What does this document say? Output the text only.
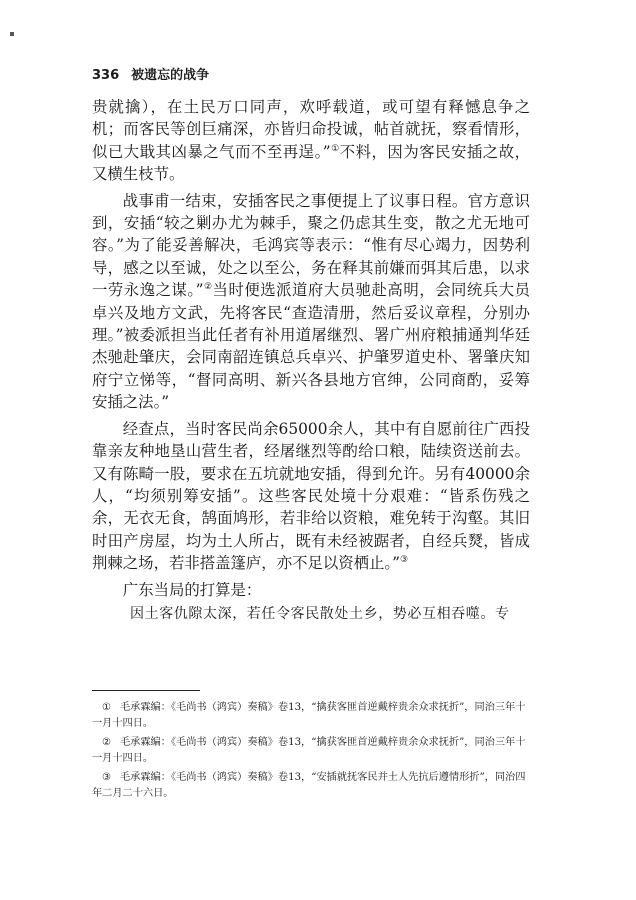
336 被遗忘的战争

贵就擒），在土民万口同声，欢呼载道，或可望有释憾息争之机；而客民等创巨痛深，亦皆归命投诚，帖首就抚，察看情形，似已大戢其凶暴之气而不至再逞。”①不料，因为客民安插之故，又横生枝节。

战事甫一结束，安插客民之事便提上了议事日程。官方意识到，安插“较之剿办尤为棘手，聚之仍虑其生变，散之尤无地可容。”为了能妥善解决，毛鸿宾等表示：“惟有尽心竭力，因势利导，感之以至诚，处之以至公，务在释其前嫌而弭其后患，以求一劳永逸之谋。”②当时便选派道府大员驰赴高明，会同统兵大员卓兴及地方文武，先将客民“查造清册，然后妥议章程，分别办理。”被委派担当此任者有补用道屠继烈、署广州府粮捕通判华廷杰驰赴肇庆，会同南韶连镇总兵卓兴、护肇罗道史朴、署肇庆知府宁立悌等，“督同高明、新兴各县地方官绅，公同商酌，妥筹安插之法。”

经查点，当时客民尚余65000余人，其中有自愿前往广西投靠亲友种地垦山营生者，经屠继烈等酌给口粮，陆续资送前去。又有陈畸一股，要求在五坑就地安插，得到允许。另有40000余人，“均须别筹安插”。这些客民处境十分艰难：“皆系伤残之余，无衣无食，鹄面鸠形，若非给以资粮，难免转于沟壑。其旧时田产房屋，均为土人所占，既有未经被踞者，自经兵燹，皆成荆棘之场，若非搭盖篷庐，亦不足以资栖止。”③

广东当局的打算是：

因土客仇隙太深，若任令客民散处土乡，势必互相吞噬。专

① 毛承霖编：《毛尚书（鸿宾）奏稿》卷13，“擒获客匪首逆戴梓贵余众求抚折”，同治三年十一月十四日。
② 毛承霖编：《毛尚书（鸿宾）奏稿》卷13，“擒获客匪首逆戴梓贵余众求抚折”，同治三年十一月十四日。
③ 毛承霖编：《毛尚书（鸿宾）奏稿》卷13，“安插就抚客民并土人先抗后遵情形折”，同治四年二月二十六日。
